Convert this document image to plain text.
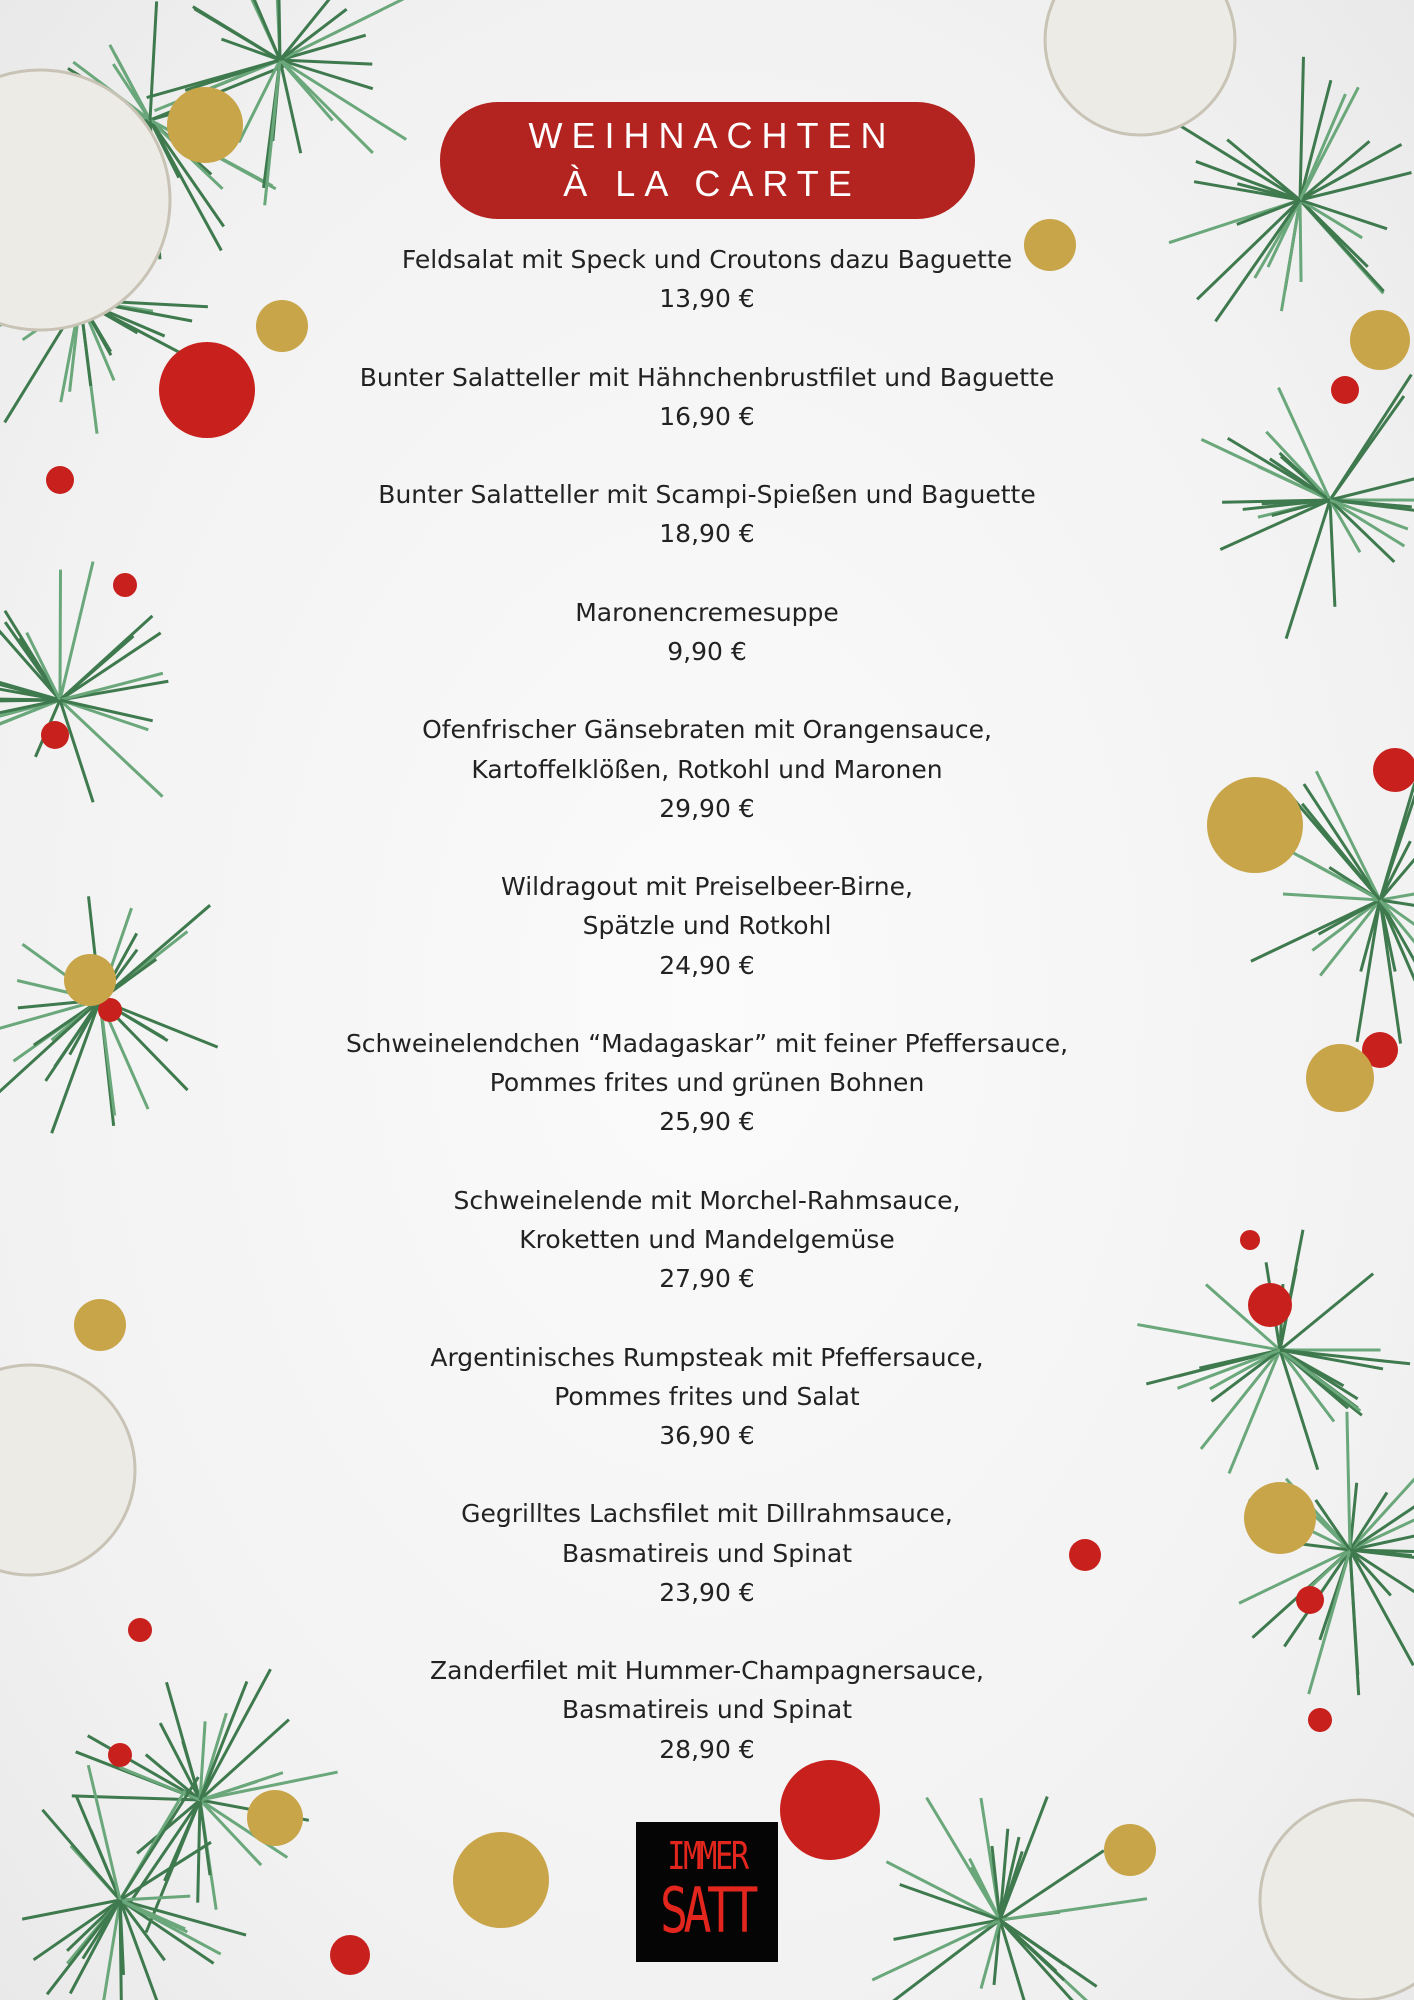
WEIHNACHTEN
À LA CARTE
Feldsalat mit Speck und Croutons dazu Baguette
13,90 €
Bunter Salatteller mit Hähnchenbrustfilet und Baguette
16,90 €
Bunter Salatteller mit Scampi-Spießen und Baguette
18,90 €
Maronencremesuppe
9,90 €
Ofenfrischer Gänsebraten mit Orangensauce,
Kartoffelklößen, Rotkohl und Maronen
29,90 €
Wildragout mit Preiselbeer-Birne,
Spätzle und Rotkohl
24,90 €
Schweinelendchen “Madagaskar” mit feiner Pfeffersauce,
Pommes frites und grünen Bohnen
25,90 €
Schweinelende mit Morchel-Rahmsauce,
Kroketten und Mandelgemüse
27,90 €
Argentinisches Rumpsteak mit Pfeffersauce,
Pommes frites und Salat
36,90 €
Gegrilltes Lachsfilet mit Dillrahmsauce,
Basmatireis und Spinat
23,90 €
Zanderfilet mit Hummer-Champagnersauce,
Basmatireis und Spinat
28,90 €
IMMER
SATT
